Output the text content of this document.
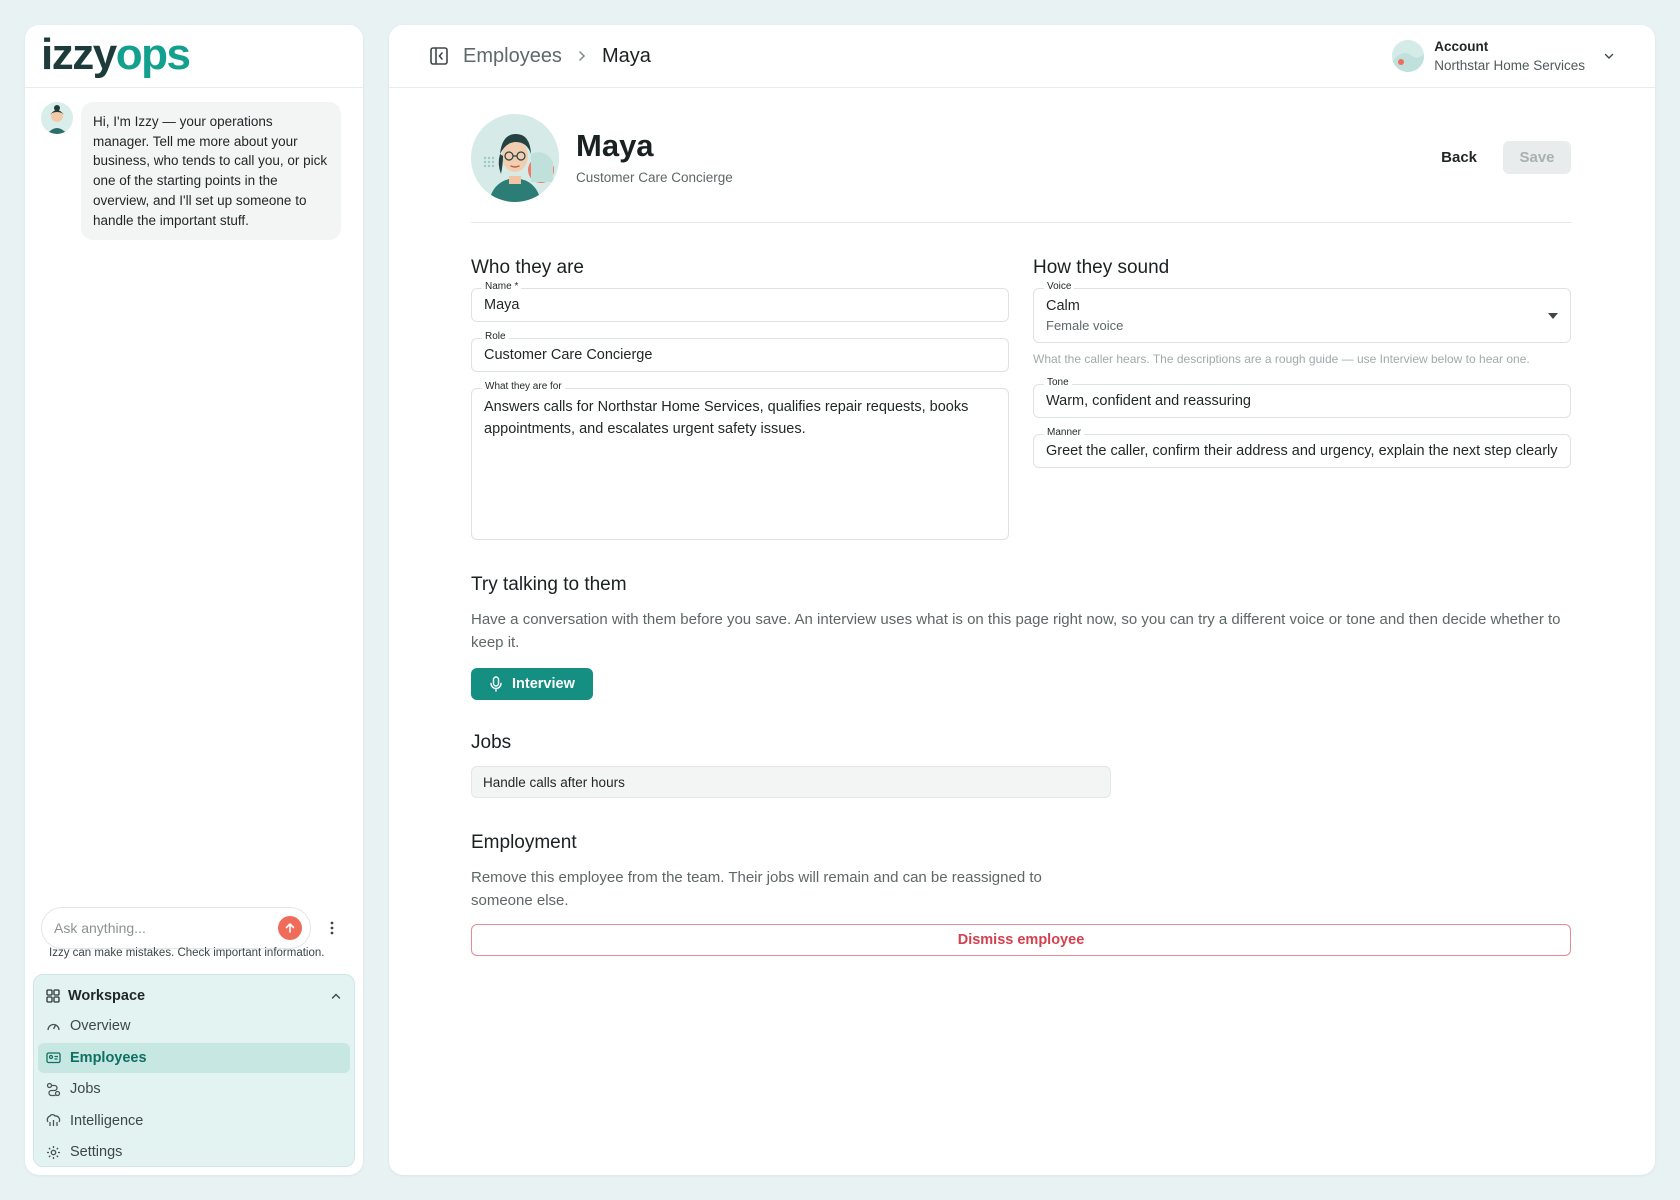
izzyops
Hi, I'm Izzy — your operations manager. Tell me more about your business, who tends to call you, or pick one of the starting points in the overview, and I'll set up someone to handle the important stuff.
Ask anything...
Izzy can make mistakes. Check important information.
Workspace
Overview
Employees
Jobs
Intelligence
Settings
Employees Maya	Account
Northstar Home Services
Maya
Customer Care Concierge
Back	Save
Who they are
Name *
Maya
Role
Customer Care Concierge
What they are for
Answers calls for Northstar Home Services, qualifies repair requests, books appointments, and escalates urgent safety issues.
How they sound
Voice
Calm
Female voice
What the caller hears. The descriptions are a rough guide — use Interview below to hear one.
Tone
Warm, confident and reassuring
Manner
Greet the caller, confirm their address and urgency, explain the next step clearly
Try talking to them

Have a conversation with them before you save. An interview uses what is on this page right now, so you can try a different voice or tone and then decide whether to keep it.

Interview
Jobs
Handle calls after hours
Employment

Remove this employee from the team. Their jobs will remain and can be reassigned to someone else.

Dismiss employee
